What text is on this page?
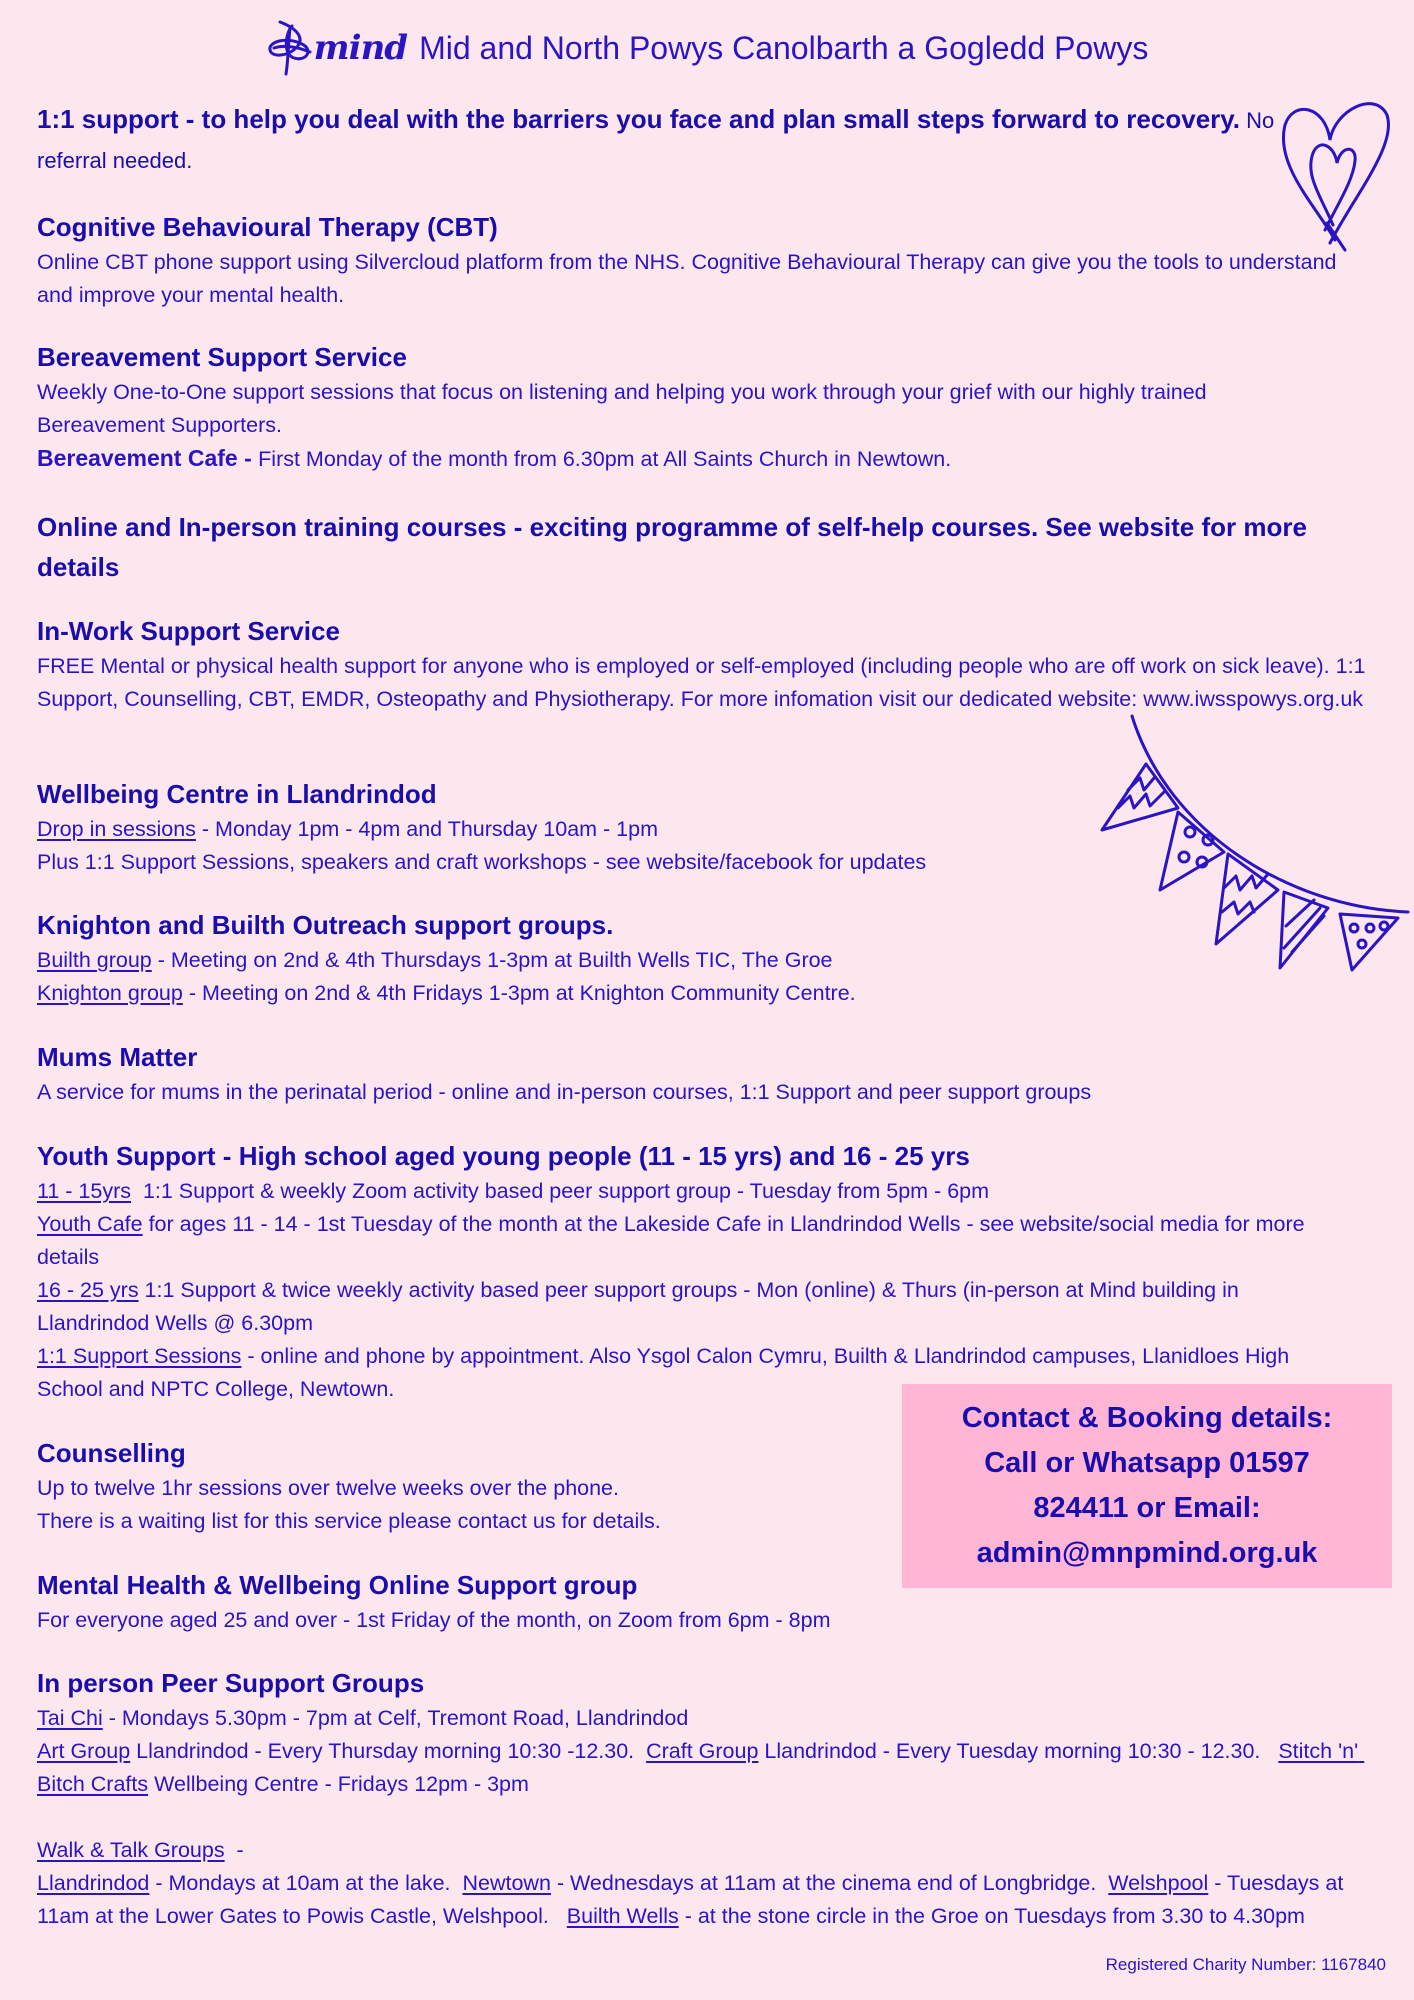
mind Mid and North Powys Canolbarth a Gogledd Powys
1:1 support - to help you deal with the barriers you face and plan small steps forward to recovery. No referral needed.
Cognitive Behavioural Therapy (CBT)
Online CBT phone support using Silvercloud platform from the NHS. Cognitive Behavioural Therapy can give you the tools to understand and improve your mental health.
Bereavement Support Service
Weekly One-to-One support sessions that focus on listening and helping you work through your grief with our highly trained Bereavement Supporters.
Bereavement Cafe - First Monday of the month from 6.30pm at All Saints Church in Newtown.
Online and In-person training courses - exciting programme of self-help courses. See website for more details
In-Work Support Service
FREE Mental or physical health support for anyone who is employed or self-employed (including people who are off work on sick leave). 1:1 Support, Counselling, CBT, EMDR, Osteopathy and Physiotherapy. For more infomation visit our dedicated website: www.iwsspowys.org.uk
Wellbeing Centre in Llandrindod
Drop in sessions - Monday 1pm - 4pm and Thursday 10am - 1pm
Plus 1:1 Support Sessions, speakers and craft workshops - see website/facebook for updates
Knighton and Builth Outreach support groups.
Builth group - Meeting on 2nd & 4th Thursdays 1-3pm at Builth Wells TIC, The Groe
Knighton group - Meeting on 2nd & 4th Fridays 1-3pm at Knighton Community Centre.
Mums Matter
A service for mums in the perinatal period - online and in-person courses, 1:1 Support and peer support groups
Youth Support - High school aged young people (11 - 15 yrs) and 16 - 25 yrs
11 - 15yrs  1:1 Support & weekly Zoom activity based peer support group - Tuesday from 5pm - 6pm
Youth Cafe for ages 11 - 14 - 1st Tuesday of the month at the Lakeside Cafe in Llandrindod Wells - see website/social media for more details
16 - 25 yrs 1:1 Support & twice weekly activity based peer support groups - Mon (online) & Thurs (in-person at Mind building in Llandrindod Wells @ 6.30pm
1:1 Support Sessions - online and phone by appointment. Also Ysgol Calon Cymru, Builth & Llandrindod campuses, Llanidloes High School and NPTC College, Newtown.
Counselling
Up to twelve 1hr sessions over twelve weeks over the phone.
There is a waiting list for this service please contact us for details.
Mental Health & Wellbeing Online Support group
For everyone aged 25 and over - 1st Friday of the month, on Zoom from 6pm - 8pm
In person Peer Support Groups
Tai Chi - Mondays 5.30pm - 7pm at Celf, Tremont Road, Llandrindod
Art Group Llandrindod - Every Thursday morning 10:30 -12.30.  Craft Group Llandrindod - Every Tuesday morning 10:30 - 12.30.   Stitch 'n' Bitch Crafts Wellbeing Centre - Fridays 12pm - 3pm
Walk & Talk Groups  -
Llandrindod - Mondays at 10am at the lake.  Newtown - Wednesdays at 11am at the cinema end of Longbridge.  Welshpool - Tuesdays at 11am at the Lower Gates to Powis Castle, Welshpool.   Builth Wells - at the stone circle in the Groe on Tuesdays from 3.30 to 4.30pm
Contact & Booking details:
Call or Whatsapp 01597
824411 or Email:
admin@mnpmind.org.uk
Registered Charity Number: 1167840
